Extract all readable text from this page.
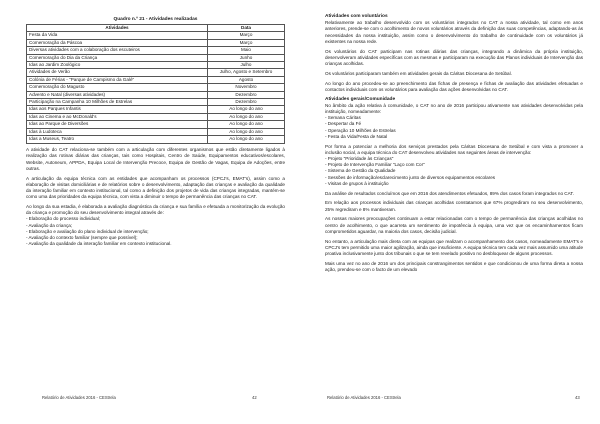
Quadro n.º 21 - Atividades realizadas
Atividades	Data
Festa da Vida	Março
Comemoração da Páscoa	Março
Diversas atividades com a colaboração dos escuteiros	Maio
Comemoração do Dia da Criança	Junho
Idas ao Jardim Zoológico	Julho
Atividades de Verão	Julho, Agosto e Setembro
Colónia de Férias - "Parque de Campismo da Galé"	Agosto
Comemoração do Magusto	Novembro
Advento e Natal (diversas atividades)	Dezembro
Participação na Campanha 10 Milhões de Estrelas	Dezembro
Idas aos Parques Infantis	Ao longo do ano
Idas ao Cinema e ao McDonald's	Ao longo do ano
Idas ao Parque de Diversões	Ao longo do ano
Idas à Ludoteca	Ao longo do ano
Idas a Museus, Teatro	Ao longo do ano

A atividade do CAT relaciona-se também com a articulação com diferentes organismos que estão diretamente ligados à realização das rotinas diárias das crianças, tais como Hospitais, Centro de Saúde, Equipamentos educativos/escolares, Website, Autoneum, APPDA, Equipa Local de Intervenção Precoce, Equipa de Gestão de Vagas, Equipa de Adoções, entre outras.

A articulação da equipa técnica com as entidades que acompanham os processos (CPCJ's, EMAT's), assim como a elaboração de visitas domiciliárias e de relatórios sobre o desenvolvimento, adaptação das crianças e avaliação da qualidade da interação familiar em contexto institucional, tal como a definição dos projetos de vida das crianças integradas, mantém-se como uma das prioridades da equipa técnica, com vista a diminuir o tempo de permanência das crianças no CAT.

Ao longo da sua estadia, é elaborada a avaliação diagnóstica da criança e sua família e efetuada a monitorização da evolução da criança e promoção do seu desenvolvimento integral através de:

- Elaboração do processo individual;
- Avaliação da criança;
- Elaboração e avaliação do plano individual de intervenção;
- Avaliação do contexto familiar (sempre que possível);
- Avaliação da qualidade da interação familiar em contexto institucional.
Relatório de Atividades 2016 - CEStrela	42
Atividades com voluntários

Relativamente ao trabalho desenvolvido com os voluntários integrados no CAT a nossa atividade, tal como em anos anteriores, prende-se com o acolhimento de novos voluntários através da definição das suas competências, adaptando-as às necessidades da nossa instituição, assim como o desenvolvimento do trabalho de continuidade com os voluntários já existentes na nossa rede.

Os voluntários do CAT participam nas rotinas diárias das crianças, integrando a dinâmica da própria instituição, desenvolveram atividades específicas com as mesmas e participaram na execução das Planos individuais de Intervenção das crianças acolhidas.

Os voluntários participaram também em atividades gerais da Cáritas Diocesana de Setúbal.

Ao longo do ano procedeu-se ao preenchimento das fichas de presença e fichas de avaliação das atividades efetuadas e contactos individuais com os voluntários para avaliação das ações desenvolvidas no CAT.

Atividades gerais/Comunidade

No âmbito da ação relativa à comunidade, o CAT no ano de 2016 participou ativamente nas atividades desenvolvidas pela instituição, nomeadamente:

- Semana Cáritas
- Despertar da Fé
- Operação 10 Milhões de Estrelas
- Festa da Vida/Festa de Natal

Por forma a potenciar a melhoria dos serviços prestados pela Cáritas Diocesana de Setúbal e com vista a promover a inclusão social, a equipa técnica do CAT desenvolveu atividades nas seguintes áreas de intervenção:

- Projeto "Prioridade às Crianças"
- Projeto de Intervenção Familiar "Laço com Cor"
- Sistema de Gestão da Qualidade
- Sessões de informação/esclarecimento junto de diversos equipamentos escolares
- Visitas de grupos à instituição

Da análise de resultados concluímos que em 2016 dos atendimentos efetuados, 89% dos casos foram integrados no CAT.

Em relação aos processos individuais das crianças acolhidas constatamos que 67% progrediram no seu desenvolvimento, 25% regrediram e 8% mantiveram.

As nossas maiores preocupações continuam a estar relacionadas com o tempo de permanência das crianças acolhidas no centro de acolhimento, o que acarreta um sentimento de impotência à equipa, uma vez que os encaminhamentos ficam comprometidos aguardar, na maioria dos casos, decisão judicial.

No entanto, a articulação mais direta com as equipas que realizam o acompanhamento dos casos, nomeadamente EMAT's e CPCJ's tem permitido uma maior agilização, ainda que insuficiente. A equipa técnica tem cada vez mais assumido uma atitude proativa inclusivamente junto dos tribunais o que se tem revelado positivo no desbloquear de alguns processos.

Mais uma vez no ano de 2016 um dos principais constrangimentos sentidos e que condicionou de uma forma direta a nossa ação, prendeu-se com o facto de um elevado

Relatório de Atividades 2016 - CEStrela	43
